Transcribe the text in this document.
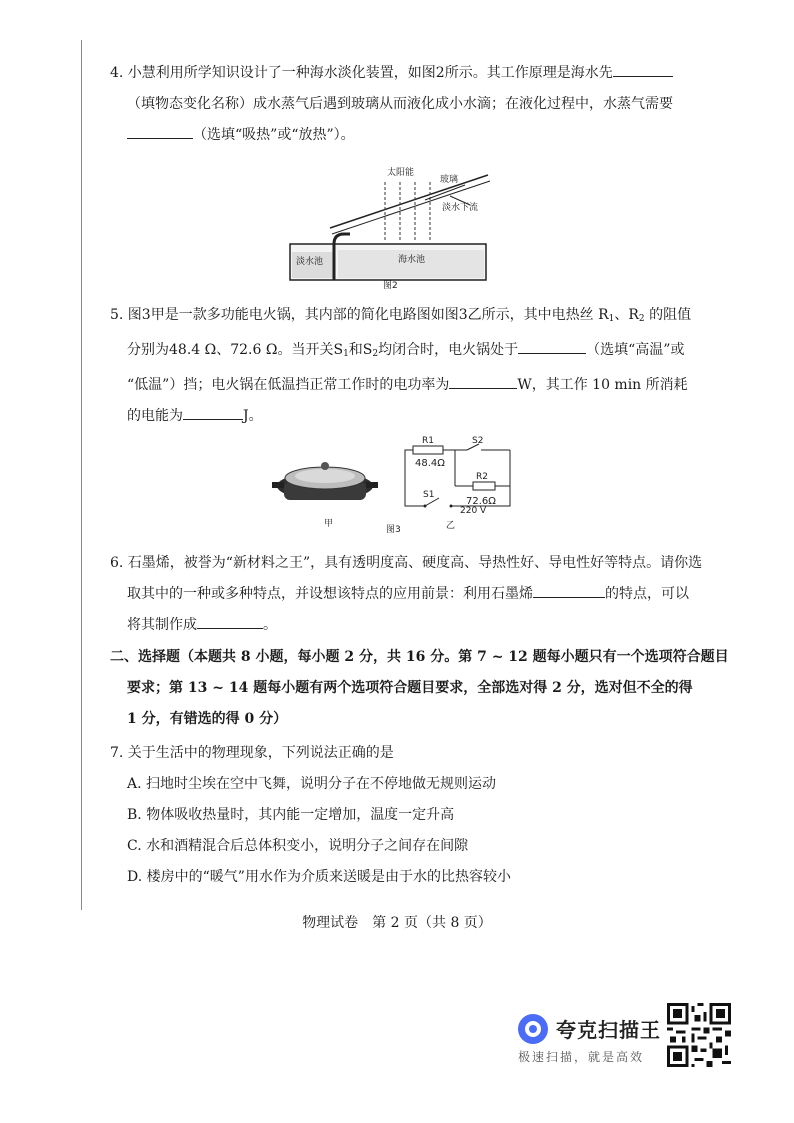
4. 小慧利用所学知识设计了一种海水淡化装置，如图2所示。其工作原理是海水先
（填物态变化名称）成水蒸气后遇到玻璃从而液化成小水滴；在液化过程中，水蒸气需要
（选填“吸热”或“放热”）。
太阳能
玻璃
淡水下流
淡水池	海水池
图2
5. 图3甲是一款多功能电火锅，其内部的简化电路图如图3乙所示，其中电热丝 $R_1$、$R_2$ 的阻值
分别为48.4 Ω、72.6 Ω。当开关$S_1$和$S_2$均闭合时，电火锅处于	（选填“高温”或
“低温”）挡；电火锅在低温挡正常工作时的电功率为	W，其工作 10 min 所消耗
的电能为	J。
R1
48.4Ω
S2
R2
72.6Ω
S1
220 V
甲
图3	乙
6. 石墨烯，被誉为“新材料之王”，具有透明度高、硬度高、导热性好、导电性好等特点。请你选
取其中的一种或多种特点，并设想该特点的应用前景：利用石墨烯	的特点，可以
将其制作成	。
二、选择题（本题共 8 小题，每小题 2 分，共 16 分。第 7 ~ 12 题每小题只有一个选项符合题目
要求；第 13 ~ 14 题每小题有两个选项符合题目要求，全部选对得 2 分，选对但不全的得
1 分，有错选的得 0 分）
7. 关于生活中的物理现象，下列说法正确的是
A. 扫地时尘埃在空中飞舞，说明分子在不停地做无规则运动
B. 物体吸收热量时，其内能一定增加，温度一定升高
C. 水和酒精混合后总体积变小，说明分子之间存在间隙
D. 楼房中的“暖气”用水作为介质来送暖是由于水的比热容较小
物理试卷　第 2 页（共 8 页）
夸克扫描王
极速扫描，就是高效
